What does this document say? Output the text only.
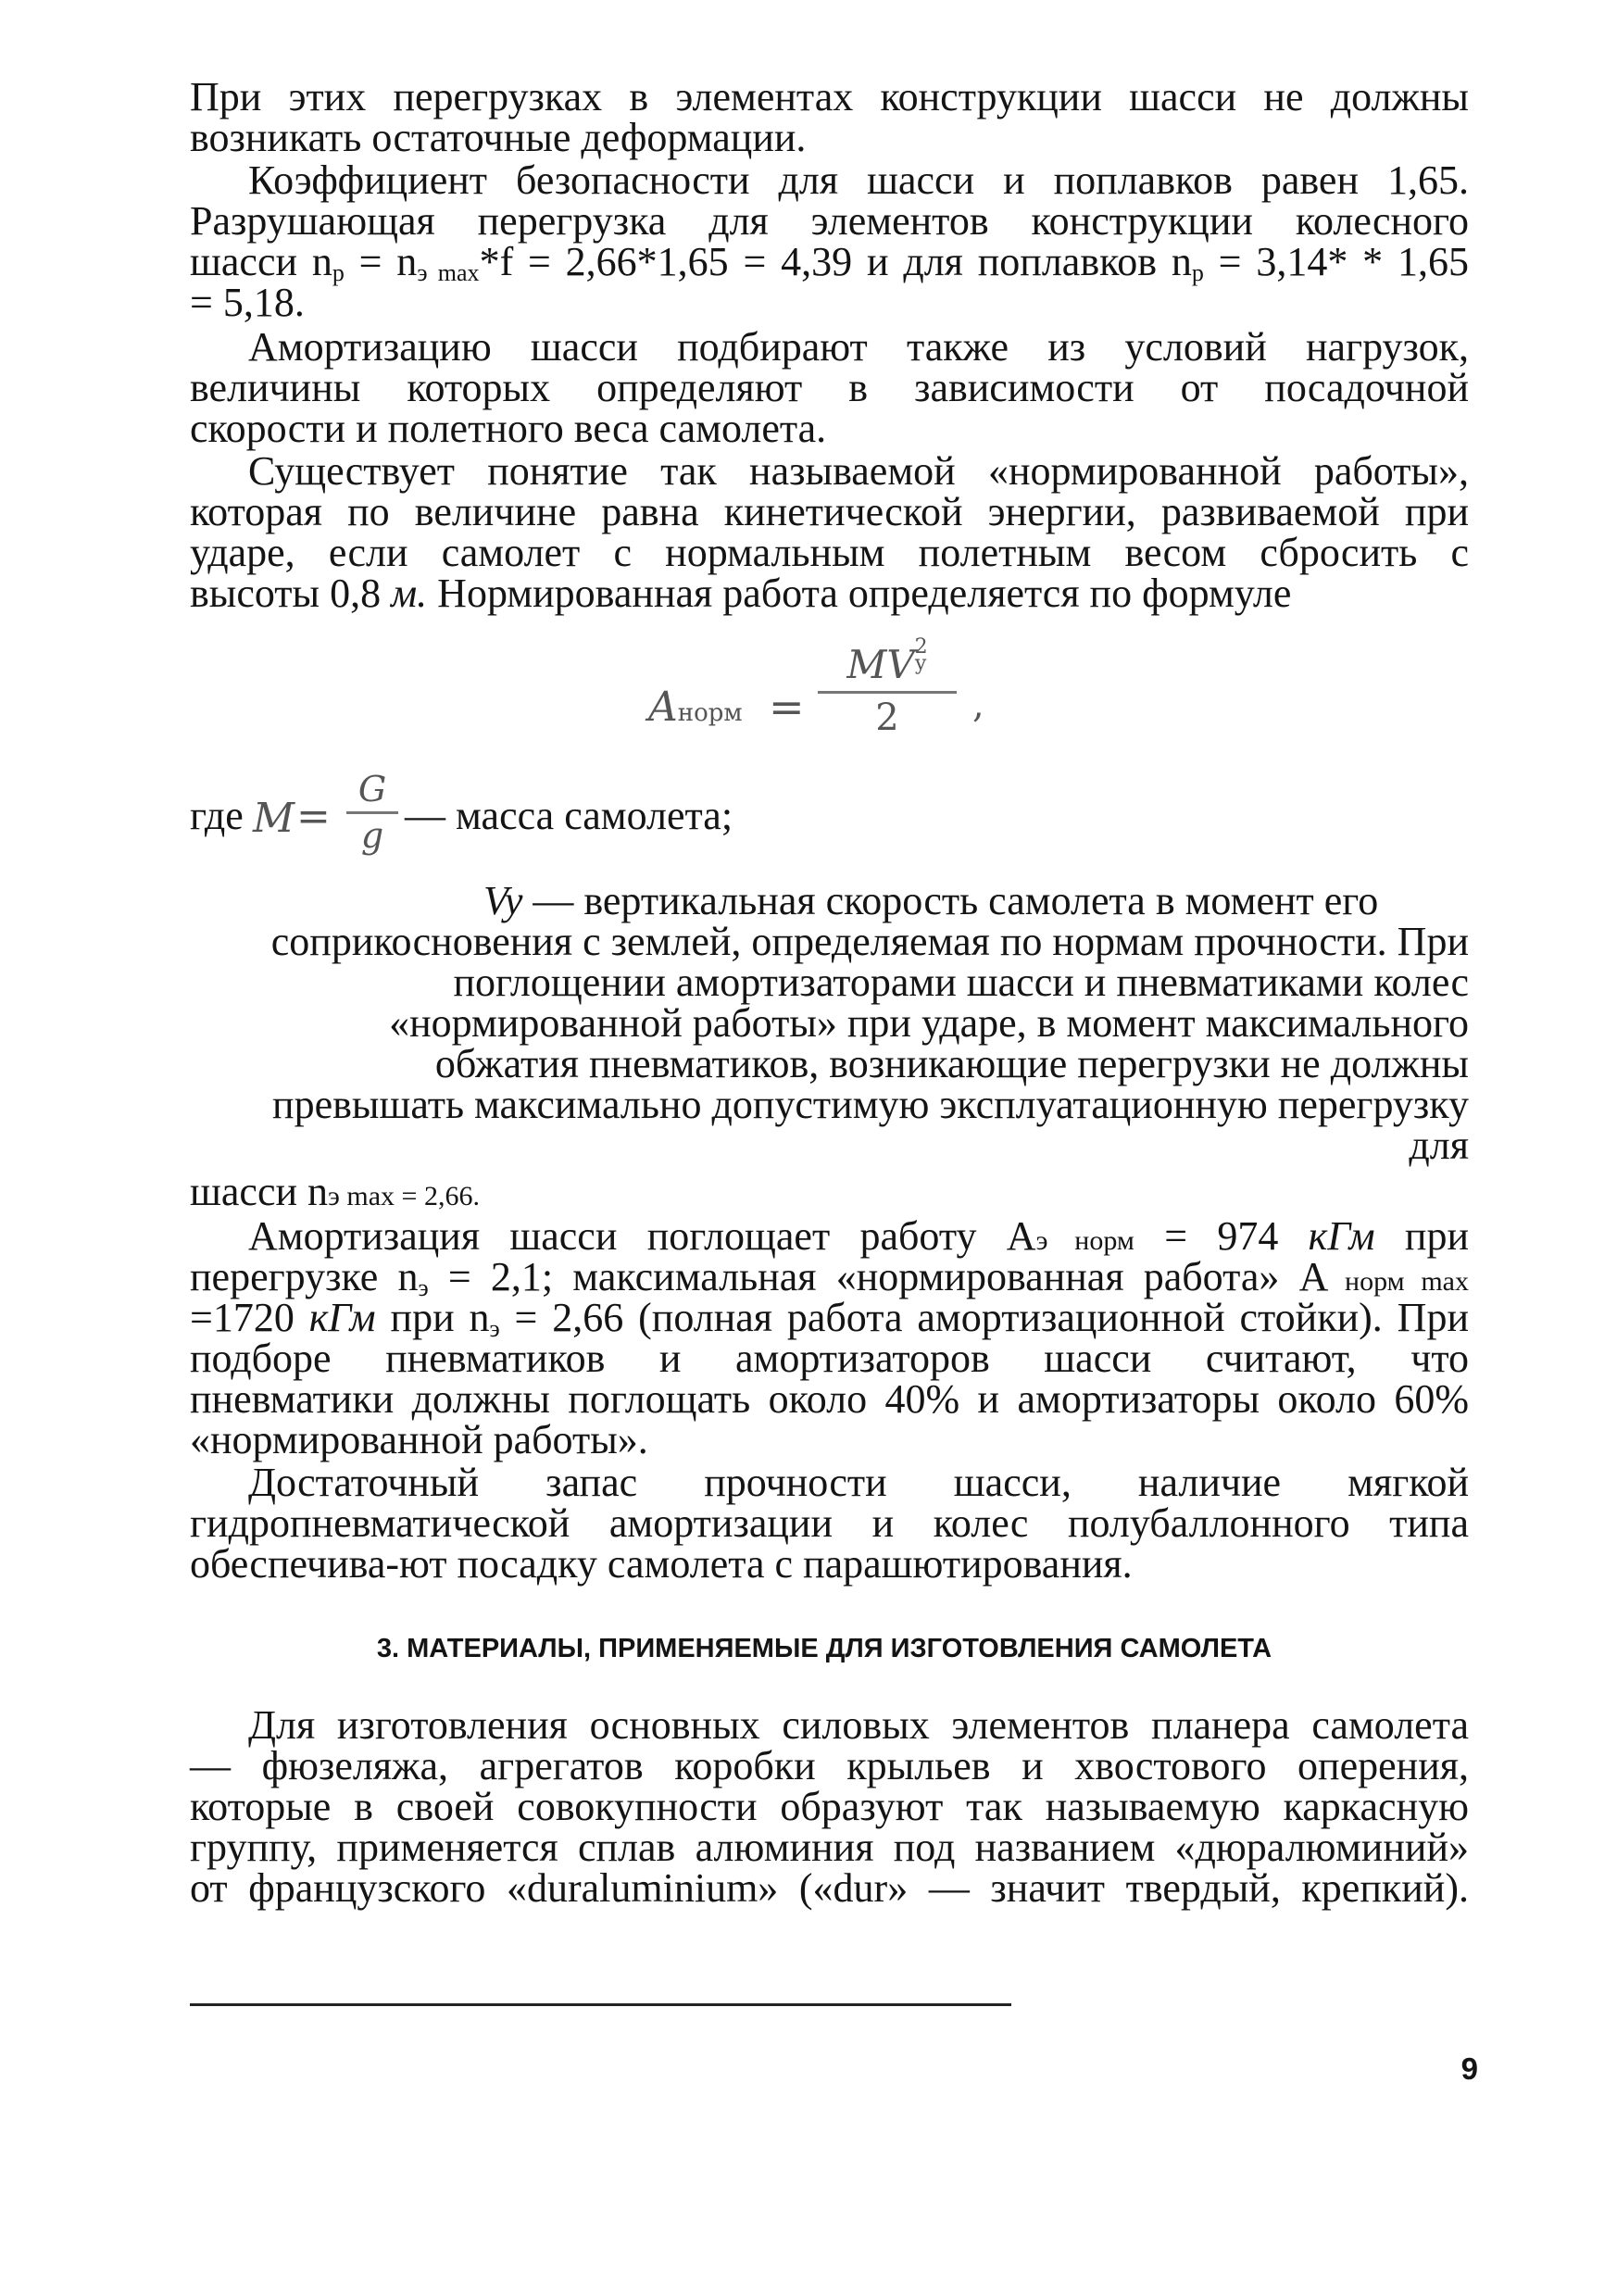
При этих перегрузках в элементах конструкции шасси не должны

возникать остаточные деформации.

Коэффициент безопасности для шасси и поплавков равен 1,65.

Разрушающая перегрузка для элементов конструкции колесного

шасси $n_р = n_{э max}*f = 2,66*1,65 = 4,39$ и для поплавков $n_р = 3,14* * 1,65$

= 5,18.

Амортизацию шасси подбирают также из условий нагрузок,

величины которых определяют в зависимости от посадочной

скорости и полетного веса самолета.

Существует понятие так называемой «нормированной работы»,

которая по величине равна кинетической энергии, развиваемой при

ударе, если самолет с нормальным полетным весом сбросить с

высоты 0,8 м. Нормированная работа определяется по формуле

Aнорм =
MV2
у
2 ,
где M =
G
g — масса самолета;

Vy — вертикальная скорость самолета в момент его

соприкосновения с землей, определяемая по нормам прочности. При

поглощении амортизаторами шасси и пневматиками колес

«нормированной работы» при ударе, в момент максимального

обжатия пневматиков, возникающие перегрузки не должны

превышать максимально допустимую эксплуатационную перегрузку

для

шасси nэ max = 2,66.

Амортизация шасси поглощает работу Аэ норм = 974 кГм при

перегрузке $n_э = 2,1$; максимальная «нормированная работа» А норм max

=1720 кГм при $n_э = 2,66$ (полная работа амортизационной стойки). При

подборе пневматиков и амортизаторов шасси считают, что

пневматики должны поглощать около 40% и амортизаторы около 60%

«нормированной работы».

Достаточный запас прочности шасси, наличие мягкой

гидропневматической амортизации и колес полубаллонного типа

обеспечива-ют посадку самолета с парашютирования.

3. МАТЕРИАЛЫ, ПРИМЕНЯЕМЫЕ ДЛЯ ИЗГОТОВЛЕНИЯ САМОЛЕТА

Для изготовления основных силовых элементов планера самолета

— фюзеляжа, агрегатов коробки крыльев и хвостового оперения,

которые в своей совокупности образуют так называемую каркасную

группу, применяется сплав алюминия под названием «дюралюминий»

от французского «duraluminium» («dur» — значит твердый, крепкий).

9
